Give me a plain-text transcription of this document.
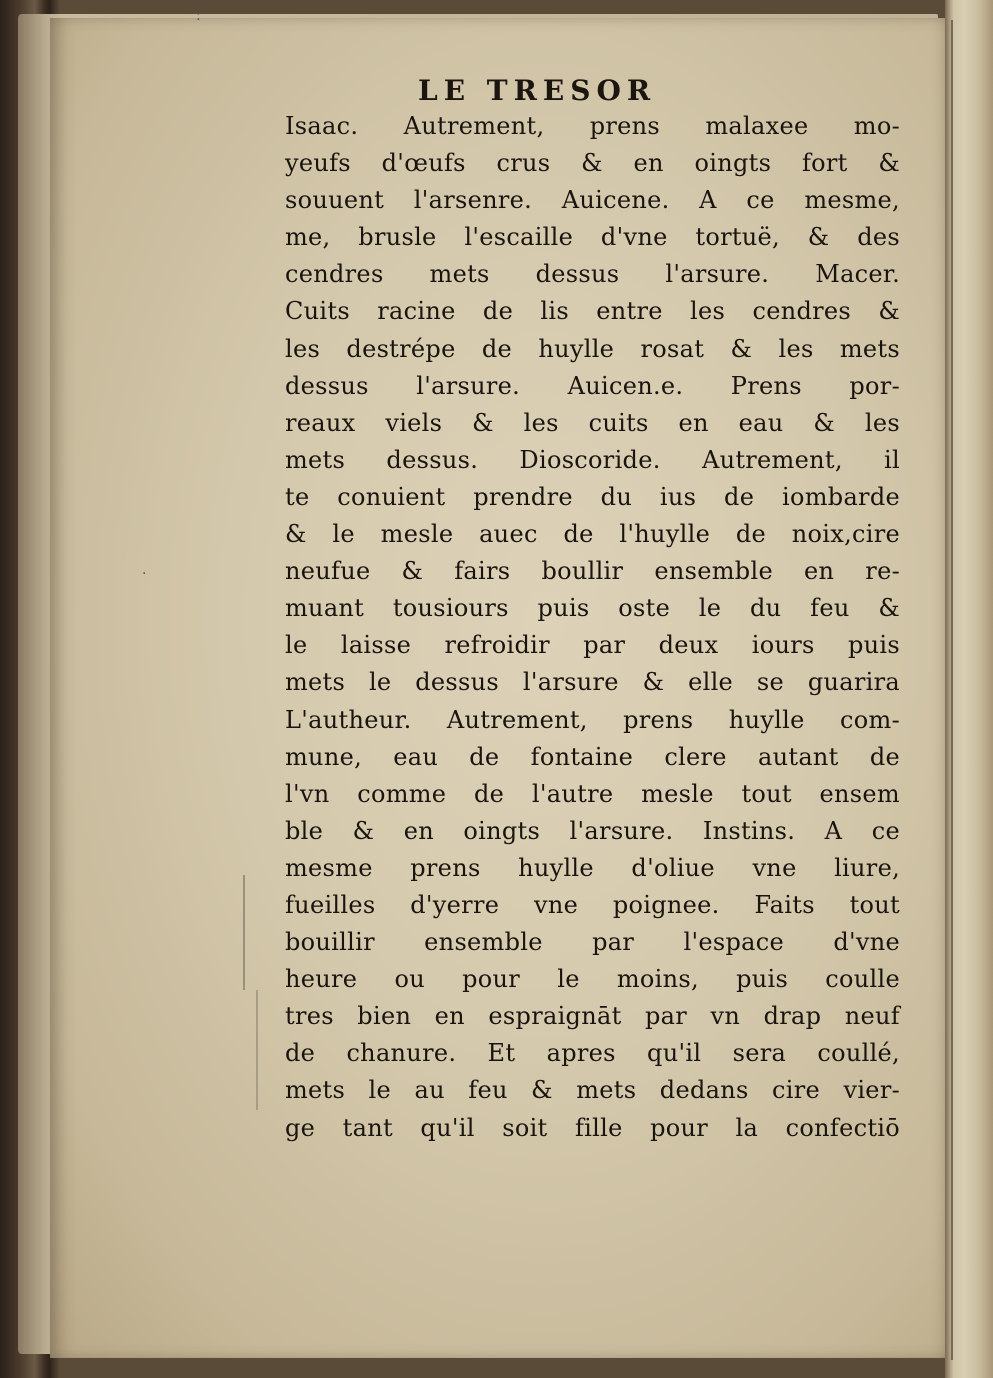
:
·
LE TRESOR
Isaac. Autrement, prens malaxee mo-
yeufs d'œufs crus & en oingts fort &
souuent l'arsenre. Auicene. A ce mesme,
me, brusle l'escaille d'vne tortuë, & des
cendres mets dessus l'arsure. Macer.
Cuits racine de lis entre les cendres &
les destrépe de huylle rosat & les mets
dessus l'arsure. Auicen.e. Prens por-
reaux viels & les cuits en eau & les
mets dessus. Dioscoride. Autrement, il
te conuient prendre du ius de iombarde
& le mesle auec de l'huylle de noix,cire
neufue & fairs boullir ensemble en re-
muant tousiours puis oste le du feu &
le laisse refroidir par deux iours puis
mets le dessus l'arsure & elle se guarira
L'autheur. Autrement, prens huylle com-
mune, eau de fontaine clere autant de
l'vn comme de l'autre mesle tout ensem
ble & en oingts l'arsure. Instins. A ce
mesme prens huylle d'oliue vne liure,
fueilles d'yerre vne poignee. Faits tout
bouillir ensemble par l'espace d'vne
heure ou pour le moins, puis coulle
tres bien en espraignāt par vn drap neuf
de chanure. Et apres qu'il sera coullé,
mets le au feu & mets dedans cire vier-
ge tant qu'il soit fille pour la confectiō
